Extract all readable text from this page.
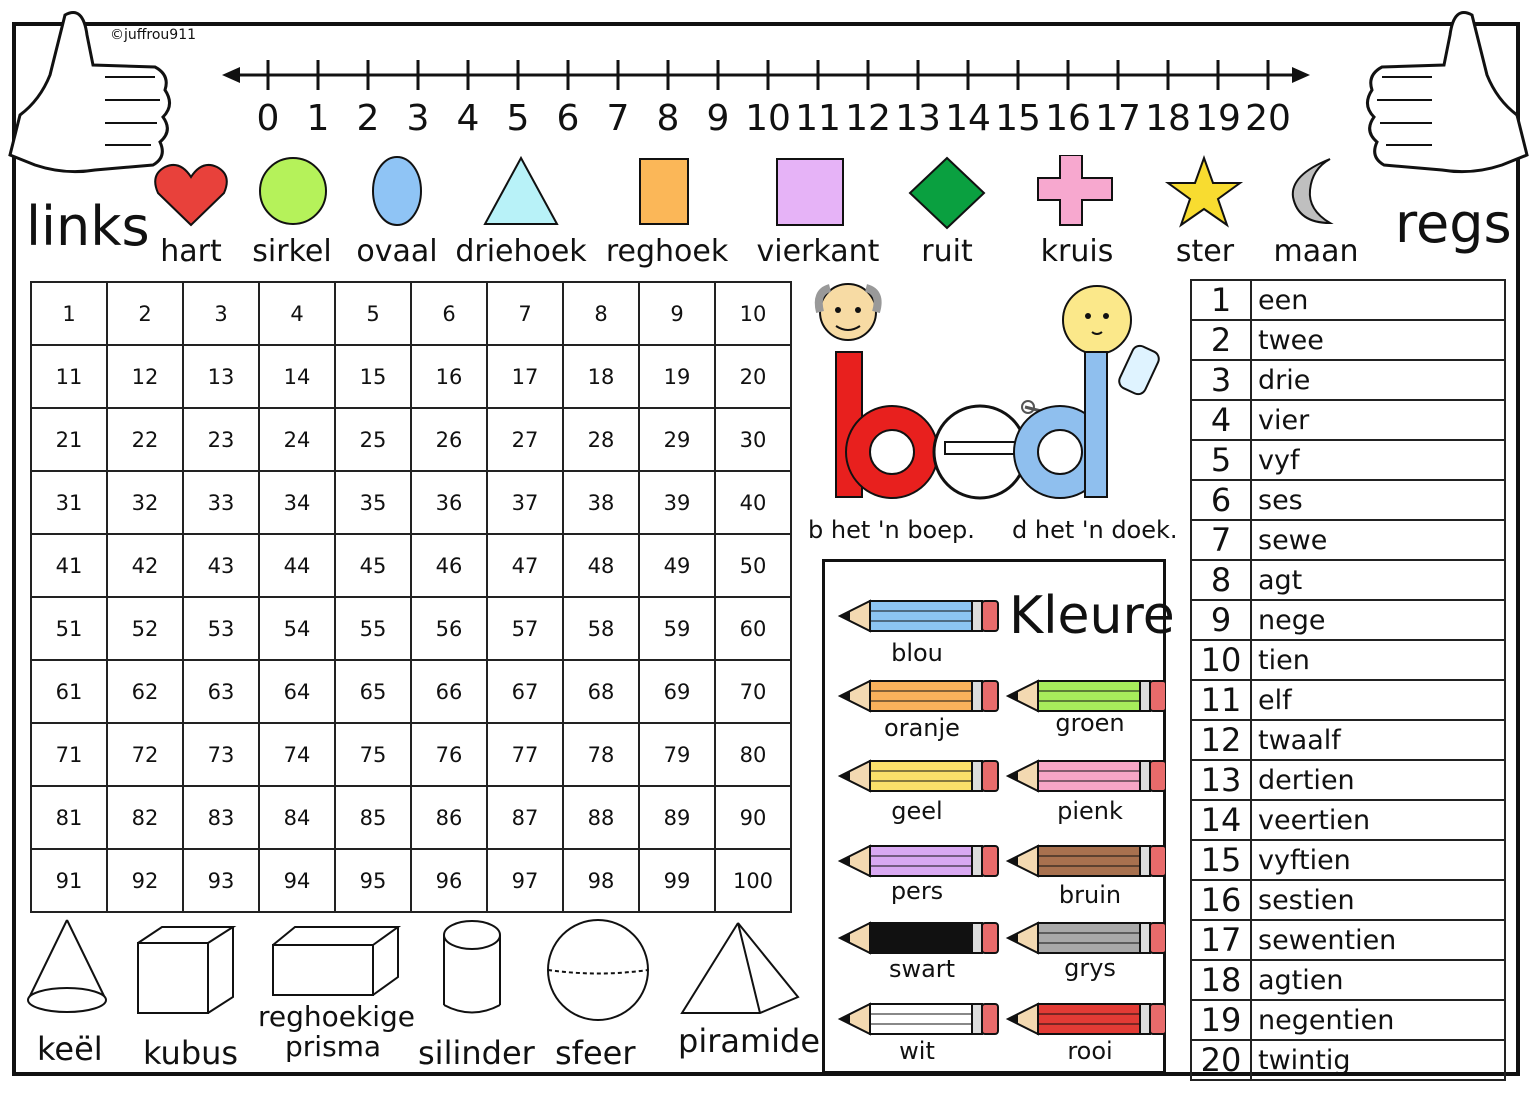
©juffrou911
0 1 2 3 4 5 6 7 8 9 10 11 12 13 14 15 16 17 18 19 20
links	regs
hart	sirkel ovaal driehoek reghoek vierkant	ruit	kruis	ster	maan
1	2	3	4	5	6	7	8	9	10
11	12	13	14	15	16	17	18	19	20
21	22	23	24	25	26	27	28	29	30
31	32	33	34	35	36	37	38	39	40
41	42	43	44	45	46	47	48	49	50
51	52	53	54	55	56	57	58	59	60
61	62	63	64	65	66	67	68	69	70
71	72	73	74	75	76	77	78	79	80
81	82	83	84	85	86	87	88	89	90
91	92	93	94	95	96	97	98	99	100
keël kubus
reghoekige
prisma silinder sfeer piramide
b het 'n boep. d het 'n doek.
Kleure
blou
oranje	groen
geel	pienk
pers	bruin
swart	grys
wit	rooi
1	een
2	twee
3	drie
4	vier
5	vyf
6	ses
7	sewe
8	agt
9	nege
10	tien
11	elf
12	twaalf
13	dertien
14	veertien
15	vyftien
16	sestien
17	sewentien
18	agtien
19	negentien
20	twintig
